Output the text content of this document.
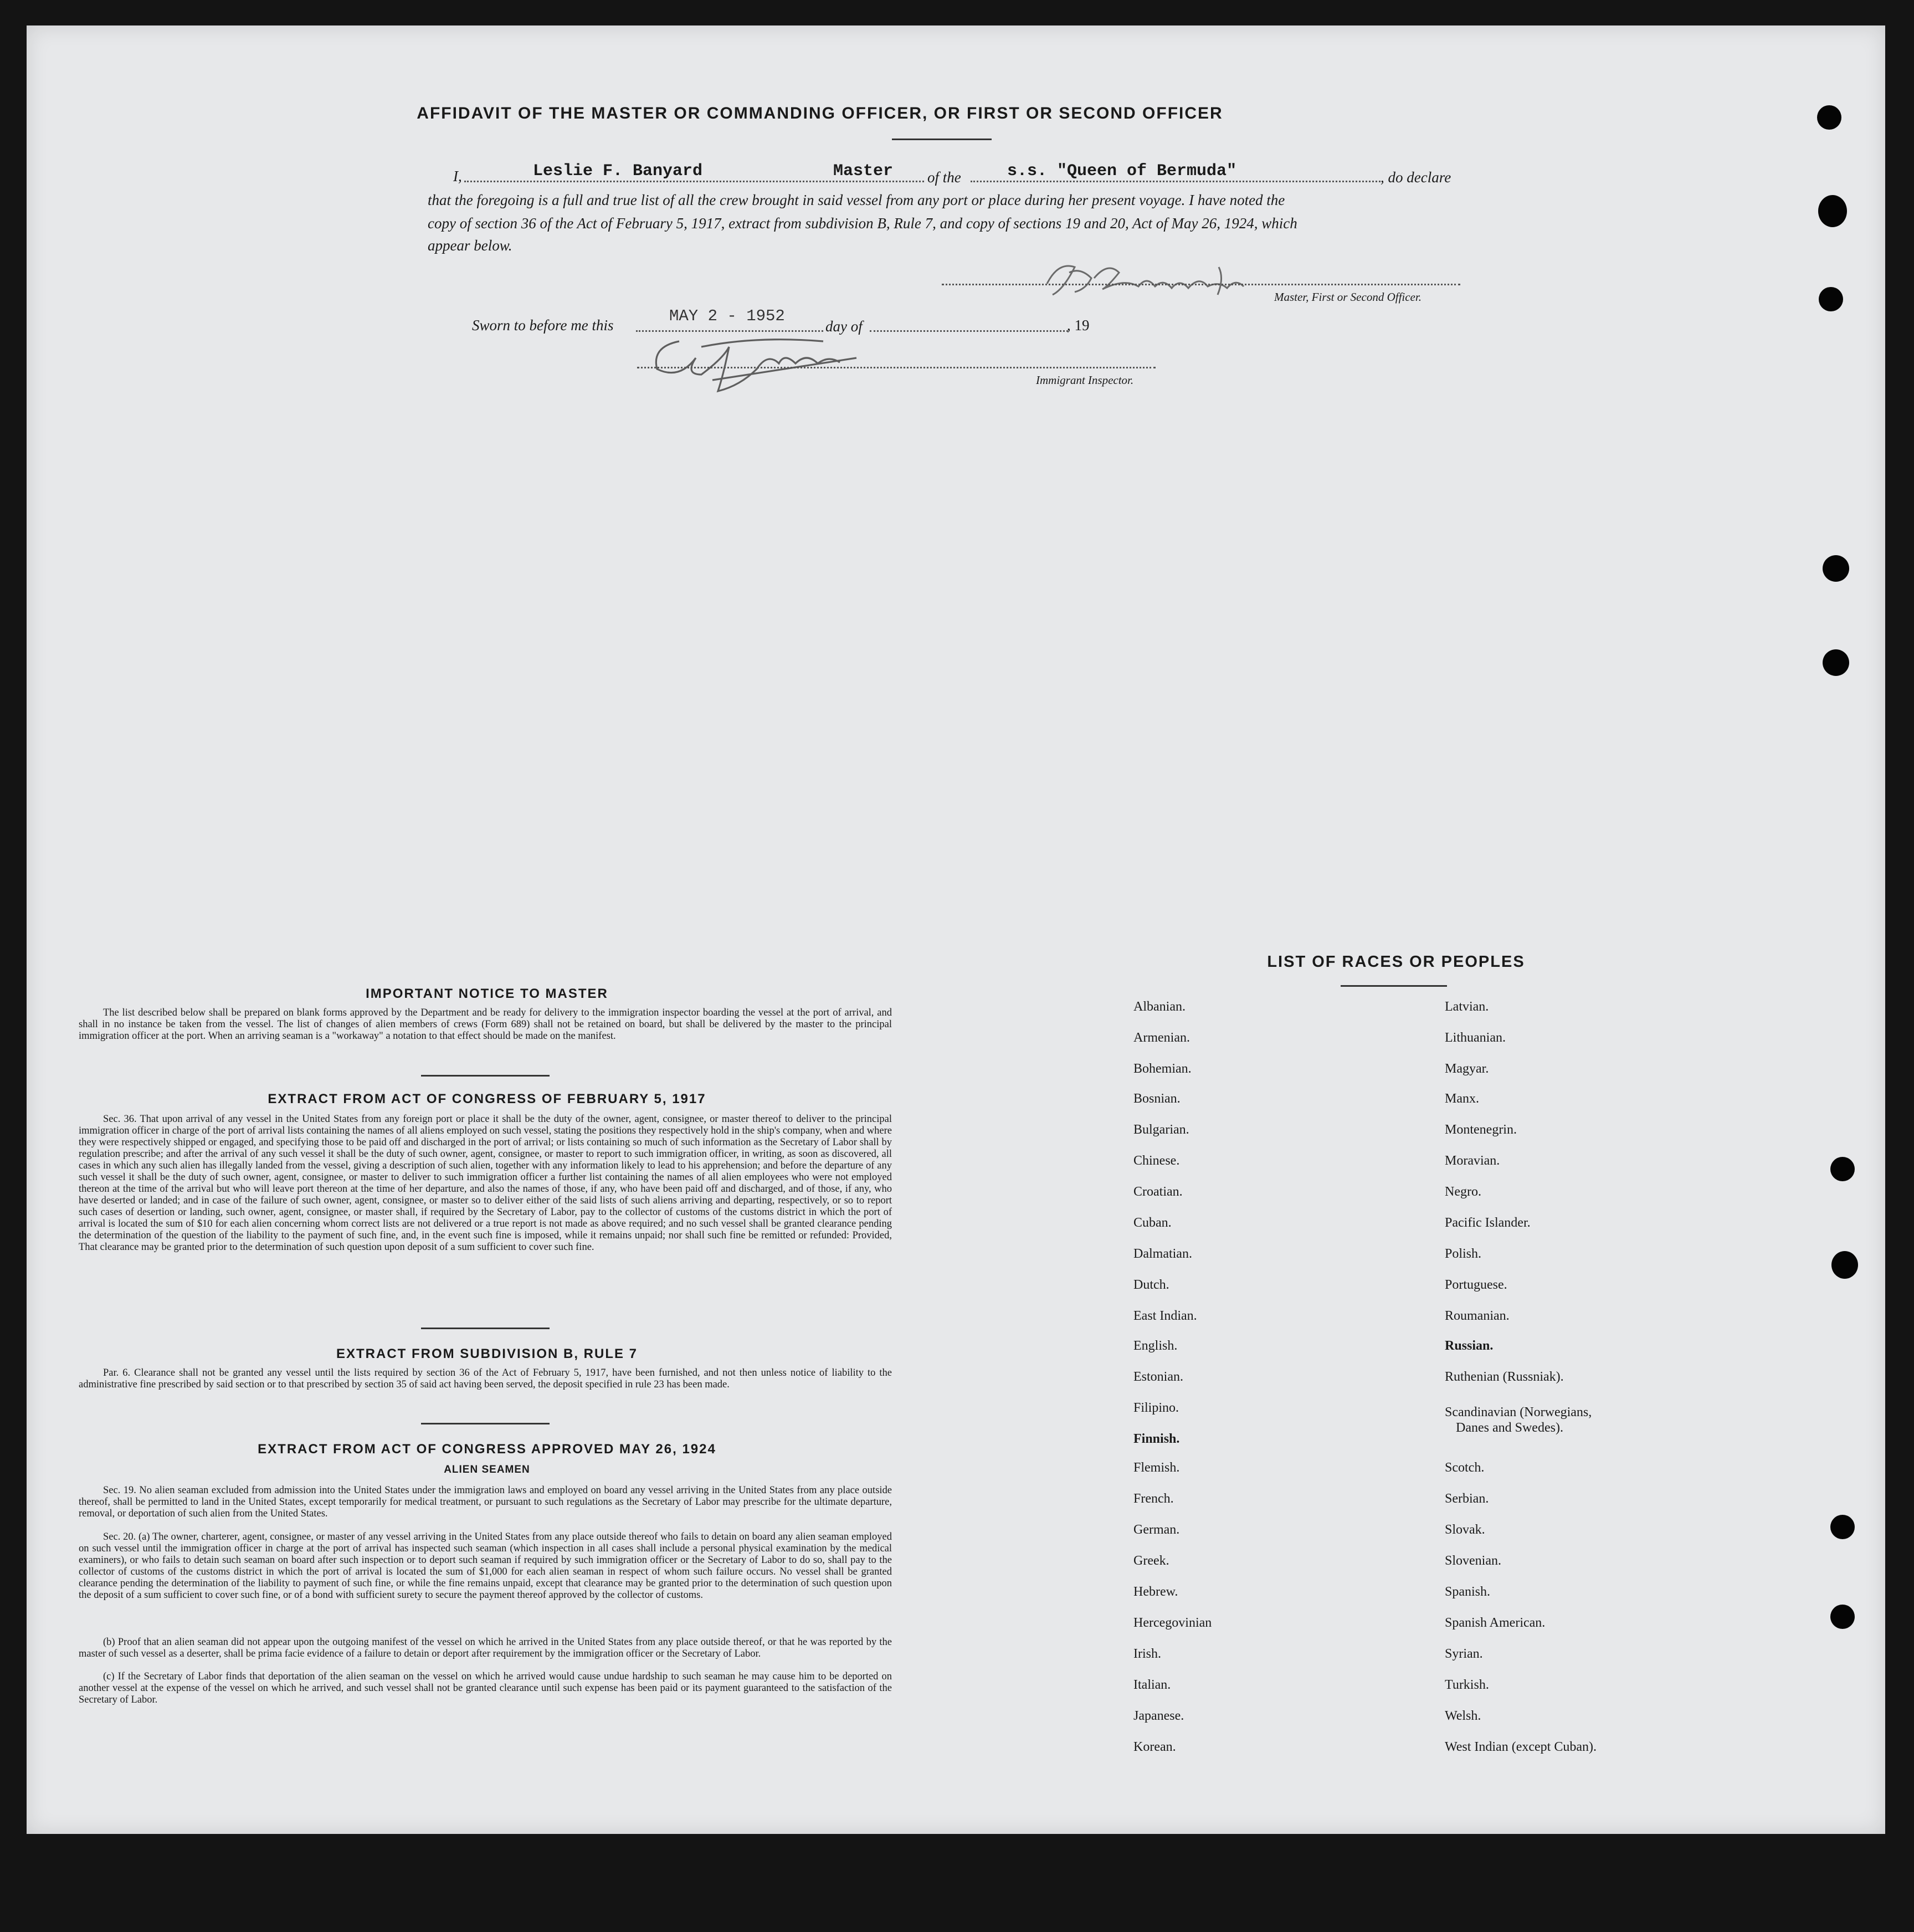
AFFIDAVIT OF THE MASTER OR COMMANDING OFFICER, OR FIRST OR SECOND OFFICER
I,	Leslie F. Banyard	Master of the	s.s. "Queen of Bermuda"	, do declare
that the foregoing is a full and true list of all the crew brought in said vessel from any port or place during her present voyage. I have noted the
copy of section 36 of the Act of February 5, 1917, extract from subdivision B, Rule 7, and copy of sections 19 and 20, Act of May 26, 1924, which
appear below.
Master, First or Second Officer.
Sworn to before me this	MAY 2 - 1952
day of	, 19
Immigrant Inspector.
IMPORTANT NOTICE TO MASTER
The list described below shall be prepared on blank forms approved by the Department and be ready for delivery to the immigration inspector boarding the vessel at the port of arrival, and shall in no instance be taken from the vessel. The list of changes of alien members of crews (Form 689) shall not be retained on board, but shall be delivered by the master to the principal immigration officer at the port. When an arriving seaman is a "workaway" a notation to that effect should be made on the manifest.
EXTRACT FROM ACT OF CONGRESS OF FEBRUARY 5, 1917
Sec. 36. That upon arrival of any vessel in the United States from any foreign port or place it shall be the duty of the owner, agent, consignee, or master thereof to deliver to the principal immigration officer in charge of the port of arrival lists containing the names of all aliens employed on such vessel, stating the positions they respectively hold in the ship's company, when and where they were respectively shipped or engaged, and specifying those to be paid off and discharged in the port of arrival; or lists containing so much of such information as the Secretary of Labor shall by regulation prescribe; and after the arrival of any such vessel it shall be the duty of such owner, agent, consignee, or master to report to such immigration officer, in writing, as soon as discovered, all cases in which any such alien has illegally landed from the vessel, giving a description of such alien, together with any information likely to lead to his apprehension; and before the departure of any such vessel it shall be the duty of such owner, agent, consignee, or master to deliver to such immigration officer a further list containing the names of all alien employees who were not employed thereon at the time of the arrival but who will leave port thereon at the time of her departure, and also the names of those, if any, who have been paid off and discharged, and of those, if any, who have deserted or landed; and in case of the failure of such owner, agent, consignee, or master so to deliver either of the said lists of such aliens arriving and departing, respectively, or so to report such cases of desertion or landing, such owner, agent, consignee, or master shall, if required by the Secretary of Labor, pay to the collector of customs of the customs district in which the port of arrival is located the sum of $10 for each alien concerning whom correct lists are not delivered or a true report is not made as above required; and no such vessel shall be granted clearance pending the determination of the question of the liability to the payment of such fine, and, in the event such fine is imposed, while it remains unpaid; nor shall such fine be remitted or refunded: Provided, That clearance may be granted prior to the determination of such question upon deposit of a sum sufficient to cover such fine.
EXTRACT FROM SUBDIVISION B, RULE 7
Par. 6. Clearance shall not be granted any vessel until the lists required by section 36 of the Act of February 5, 1917, have been furnished, and not then unless notice of liability to the administrative fine prescribed by said section or to that prescribed by section 35 of said act having been served, the deposit specified in rule 23 has been made.
EXTRACT FROM ACT OF CONGRESS APPROVED MAY 26, 1924
ALIEN SEAMEN
Sec. 19. No alien seaman excluded from admission into the United States under the immigration laws and employed on board any vessel arriving in the United States from any place outside thereof, shall be permitted to land in the United States, except temporarily for medical treatment, or pursuant to such regulations as the Secretary of Labor may prescribe for the ultimate departure, removal, or deportation of such alien from the United States.
Sec. 20. (a) The owner, charterer, agent, consignee, or master of any vessel arriving in the United States from any place outside thereof who fails to detain on board any alien seaman employed on such vessel until the immigration officer in charge at the port of arrival has inspected such seaman (which inspection in all cases shall include a personal physical examination by the medical examiners), or who fails to detain such seaman on board after such inspection or to deport such seaman if required by such immigration officer or the Secretary of Labor to do so, shall pay to the collector of customs of the customs district in which the port of arrival is located the sum of $1,000 for each alien seaman in respect of whom such failure occurs. No vessel shall be granted clearance pending the determination of the liability to payment of such fine, or while the fine remains unpaid, except that clearance may be granted prior to the determination of such question upon the deposit of a sum sufficient to cover such fine, or of a bond with sufficient surety to secure the payment thereof approved by the collector of customs.
(b) Proof that an alien seaman did not appear upon the outgoing manifest of the vessel on which he arrived in the United States from any place outside thereof, or that he was reported by the master of such vessel as a deserter, shall be prima facie evidence of a failure to detain or deport after requirement by the immigration officer or the Secretary of Labor.
(c) If the Secretary of Labor finds that deportation of the alien seaman on the vessel on which he arrived would cause undue hardship to such seaman he may cause him to be deported on another vessel at the expense of the vessel on which he arrived, and such vessel shall not be granted clearance until such expense has been paid or its payment guaranteed to the satisfaction of the Secretary of Labor.
LIST OF RACES OR PEOPLES
Albanian.
Armenian.
Bohemian.
Bosnian.
Bulgarian.
Chinese.
Croatian.
Cuban.
Dalmatian.
Dutch.
East Indian.
English.
Estonian.
Filipino.
Finnish.
Flemish.
French.
German.
Greek.
Hebrew.
Hercegovinian
Irish.
Italian.
Japanese.
Korean.
Latvian.
Lithuanian.
Magyar.
Manx.
Montenegrin.
Moravian.
Negro.
Pacific Islander.
Polish.
Portuguese.
Roumanian.
Russian.
Ruthenian (Russniak).
Scandinavian (Norwegians,
Danes and Swedes).
Scotch.
Serbian.
Slovak.
Slovenian.
Spanish.
Spanish American.
Syrian.
Turkish.
Welsh.
West Indian (except Cuban).
